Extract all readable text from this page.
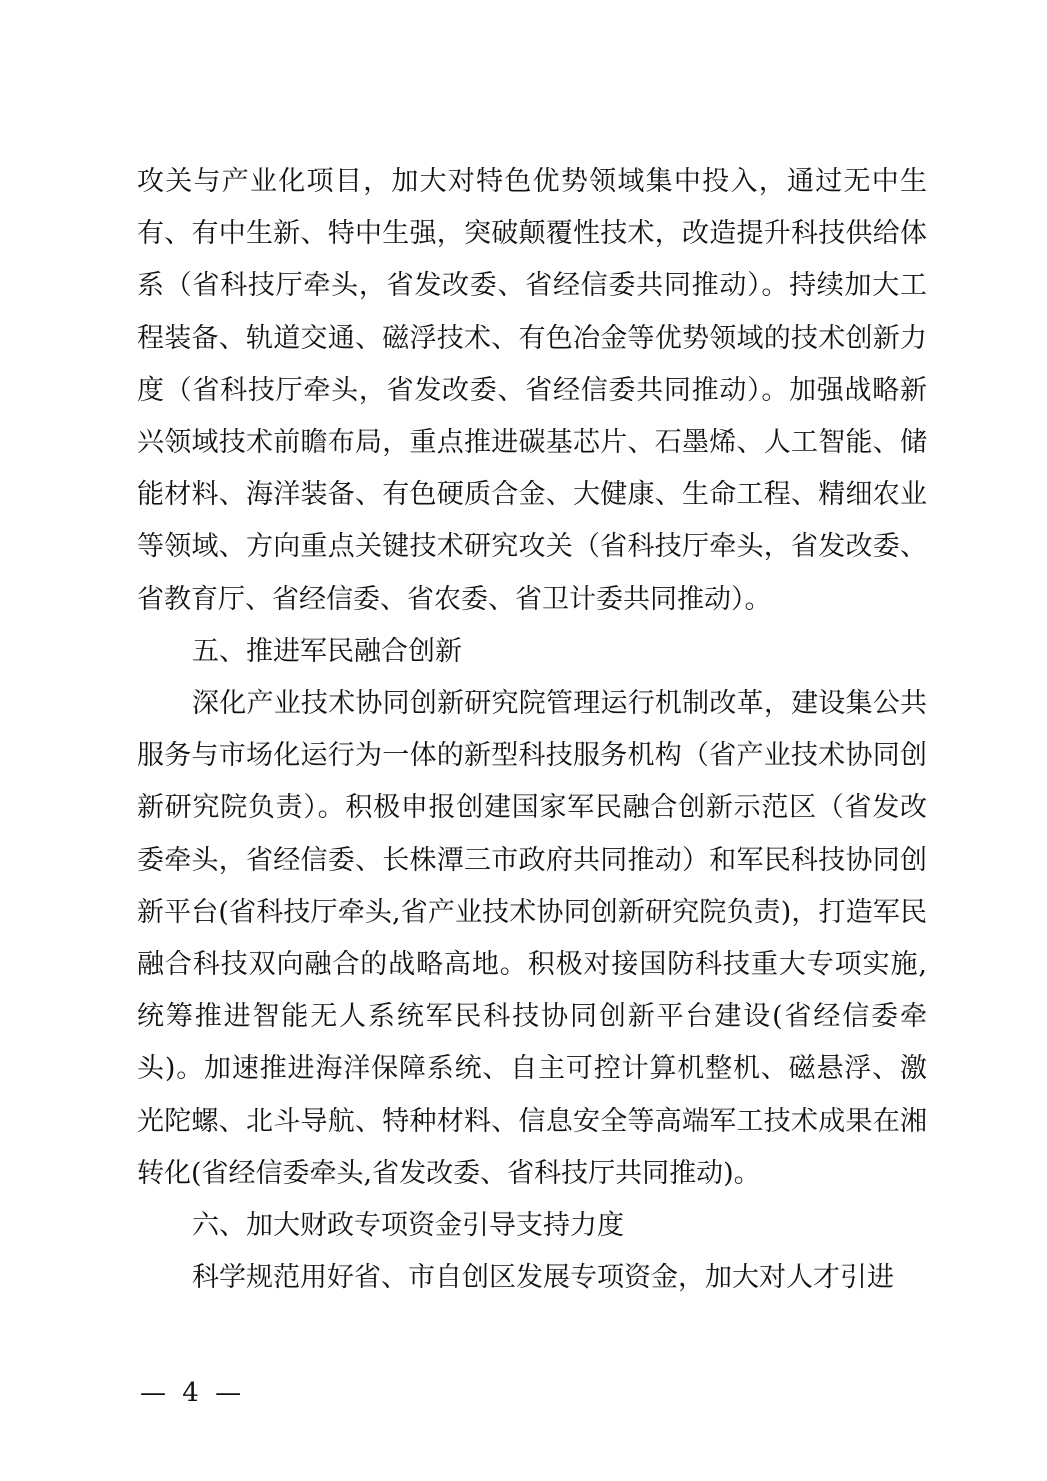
攻关与产业化项目，加大对特色优势领域集中投入，通过无中生有、有中生新、特中生强，突破颠覆性技术，改造提升科技供给体系（省科技厅牵头，省发改委、省经信委共同推动）。持续加大工程装备、轨道交通、磁浮技术、有色冶金等优势领域的技术创新力度（省科技厅牵头，省发改委、省经信委共同推动）。加强战略新兴领域技术前瞻布局，重点推进碳基芯片、石墨烯、人工智能、储能材料、海洋装备、有色硬质合金、大健康、生命工程、精细农业等领域、方向重点关键技术研究攻关（省科技厅牵头，省发改委、省教育厅、省经信委、省农委、省卫计委共同推动）。

五、推进军民融合创新

深化产业技术协同创新研究院管理运行机制改革，建设集公共服务与市场化运行为一体的新型科技服务机构（省产业技术协同创新研究院负责）。积极申报创建国家军民融合创新示范区（省发改委牵头，省经信委、长株潭三市政府共同推动）和军民科技协同创新平台(省科技厅牵头,省产业技术协同创新研究院负责)，打造军民融合科技双向融合的战略高地。积极对接国防科技重大专项实施,统筹推进智能无人系统军民科技协同创新平台建设(省经信委牵头)。加速推进海洋保障系统、自主可控计算机整机、磁悬浮、激光陀螺、北斗导航、特种材料、信息安全等高端军工技术成果在湘转化(省经信委牵头,省发改委、省科技厅共同推动)。

六、加大财政专项资金引导支持力度

科学规范用好省、市自创区发展专项资金，加大对人才引进

— 4 —
